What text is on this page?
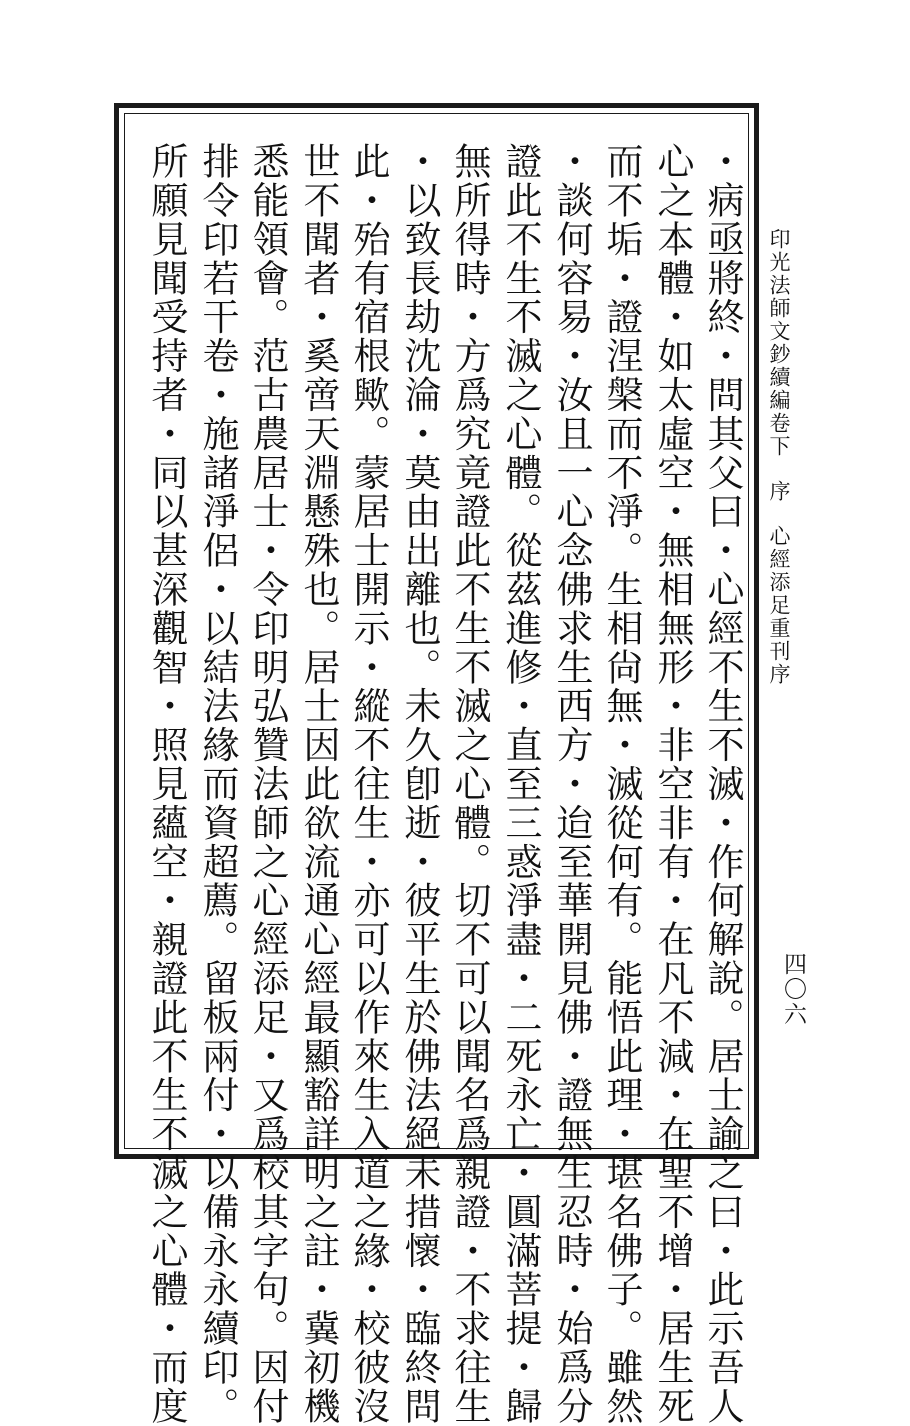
印光法師文鈔續編卷下序心經添足重刊序
四〇六
・病亟將終・問其父曰・心經不生不滅・作何解說。居士諭之曰・此示吾人
心之本體・如太虛空・無相無形・非空非有・在凡不減・在聖不增・居生死
而不垢・證涅槃而不淨。生相尙無・滅從何有。能悟此理・堪名佛子。雖然
・談何容易・汝且一心念佛求生西方・迨至華開見佛・證無生忍時・始爲分
證此不生不滅之心體。從茲進修・直至三惑淨盡・二死永亡・圓滿菩提・歸
無所得時・方爲究竟證此不生不滅之心體。切不可以聞名爲親證・不求往生
・以致長劫沈淪・莫由出離也。未久卽逝・彼平生於佛法絕未措懷・臨終問
此・殆有宿根歟。蒙居士開示・縱不往生・亦可以作來生入道之緣・校彼沒
世不聞者・奚啻天淵懸殊也。居士因此欲流通心經最顯豁詳明之註・冀初機
悉能領會。范古農居士・令印明弘贊法師之心經添足・又爲校其字句。因付
排令印若干卷・施諸淨侶・以結法緣而資超薦。留板兩付・以備永永續印。
所願見聞受持者・同以甚深觀智・照見蘊空・親證此不生不滅之心體・而度
